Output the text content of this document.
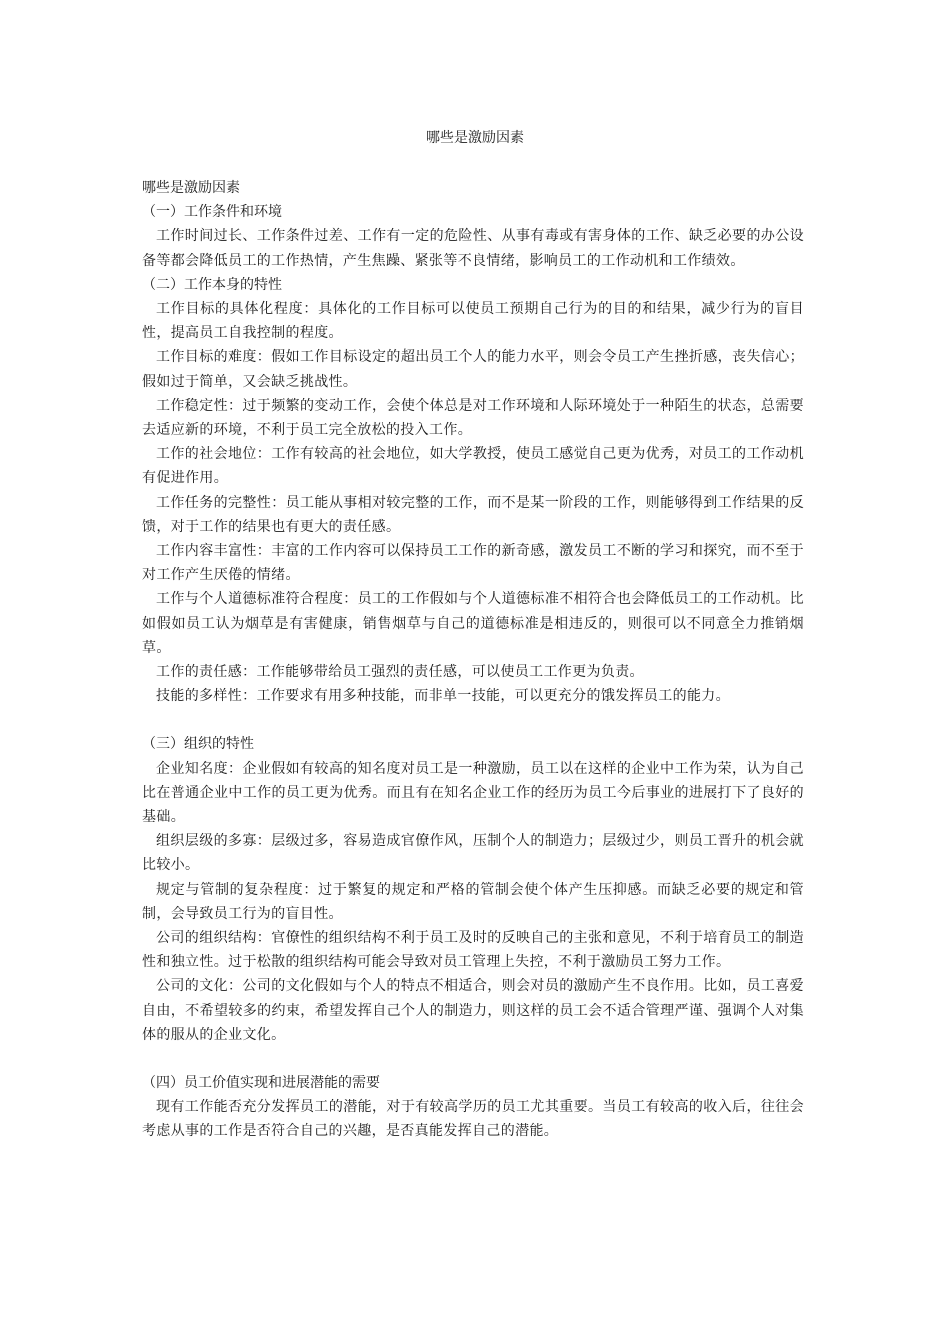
哪些是激励因素
哪些是激励因素
（一）工作条件和环境
工作时间过长、工作条件过差、工作有一定的危险性、从事有毒或有害身体的工作、缺乏必要的办公设备等都会降低员工的工作热情，产生焦躁、紧张等不良情绪，影响员工的工作动机和工作绩效。
（二）工作本身的特性
工作目标的具体化程度：具体化的工作目标可以使员工预期自己行为的目的和结果，减少行为的盲目性，提高员工自我控制的程度。
工作目标的难度：假如工作目标设定的超出员工个人的能力水平，则会令员工产生挫折感，丧失信心；假如过于简单，又会缺乏挑战性。
工作稳定性：过于频繁的变动工作，会使个体总是对工作环境和人际环境处于一种陌生的状态，总需要去适应新的环境，不利于员工完全放松的投入工作。
工作的社会地位：工作有较高的社会地位，如大学教授，使员工感觉自己更为优秀，对员工的工作动机有促进作用。
工作任务的完整性：员工能从事相对较完整的工作，而不是某一阶段的工作，则能够得到工作结果的反馈，对于工作的结果也有更大的责任感。
工作内容丰富性：丰富的工作内容可以保持员工工作的新奇感，激发员工不断的学习和探究，而不至于对工作产生厌倦的情绪。
工作与个人道德标准符合程度：员工的工作假如与个人道德标准不相符合也会降低员工的工作动机。比如假如员工认为烟草是有害健康，销售烟草与自己的道德标准是相违反的，则很可以不同意全力推销烟草。
工作的责任感：工作能够带给员工强烈的责任感，可以使员工工作更为负责。
技能的多样性：工作要求有用多种技能，而非单一技能，可以更充分的饿发挥员工的能力。
（三）组织的特性
企业知名度：企业假如有较高的知名度对员工是一种激励，员工以在这样的企业中工作为荣，认为自己比在普通企业中工作的员工更为优秀。而且有在知名企业工作的经历为员工今后事业的进展打下了良好的基础。
组织层级的多寡：层级过多，容易造成官僚作风，压制个人的制造力；层级过少，则员工晋升的机会就比较小。
规定与管制的复杂程度：过于繁复的规定和严格的管制会使个体产生压抑感。而缺乏必要的规定和管制，会导致员工行为的盲目性。
公司的组织结构：官僚性的组织结构不利于员工及时的反映自己的主张和意见，不利于培育员工的制造性和独立性。过于松散的组织结构可能会导致对员工管理上失控，不利于激励员工努力工作。
公司的文化：公司的文化假如与个人的特点不相适合，则会对员的激励产生不良作用。比如，员工喜爱自由，不希望较多的约束，希望发挥自己个人的制造力，则这样的员工会不适合管理严谨、强调个人对集体的服从的企业文化。
（四）员工价值实现和进展潜能的需要
现有工作能否充分发挥员工的潜能，对于有较高学历的员工尤其重要。当员工有较高的收入后，往往会考虑从事的工作是否符合自己的兴趣，是否真能发挥自己的潜能。
